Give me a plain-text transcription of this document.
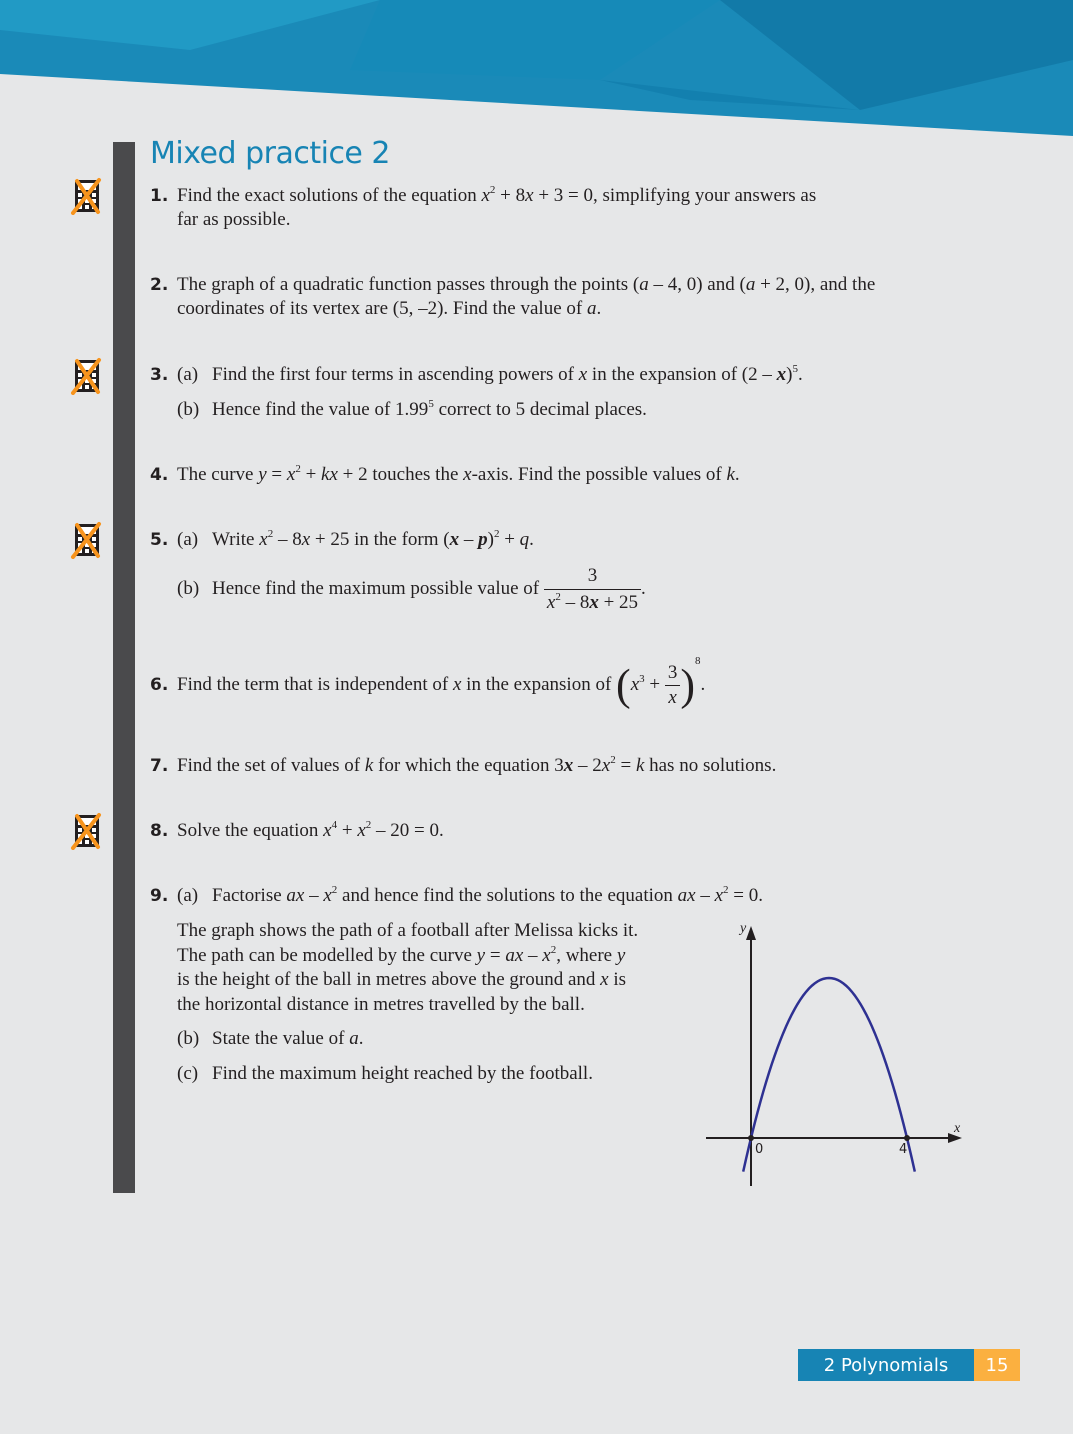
Mixed practice 2
1. Find the exact solutions of the equation $x^2 + 8x + 3 = 0$, simplifying your answers as
far as possible.
2. The graph of a quadratic function passes through the points (a – 4, 0) and (a + 2, 0), and the
coordinates of its vertex are (5, –2). Find the value of a.
3. (a) Find the first four terms in ascending powers of x in the expansion of (2 – x)$^5$.
(b) Hence find the value of 1.99$^5$ correct to 5 decimal places.
4. The curve $y = x^2$ + kx + 2 touches the x-axis. Find the possible values of k.
5. (a) Write $x^2 - 8x + 25$ in the form (x – p)$^2$ + q.
(b) Hence find the maximum possible value of $\frac{3}{x^2 - 8x + 25}$ .
6. Find the term that is independent of x in the expansion of $(x^3 + \frac{3}{x} )^8$.
7. Find the set of values of k for which the equation $3x - 2x^2 = k$ has no solutions.
8. Solve the equation $x^4 + x^2 - 20 = 0$.
9. (a) Factorise ax – $x^2$ and hence find the solutions to the equation ax – $x^2 = 0$.
The graph shows the path of a football after Melissa kicks it.
The path can be modelled by the curve y = ax – $x^2$, where y
is the height of the ball in metres above the ground and x is
the horizontal distance in metres travelled by the ball.
(b) State the value of a.
(c) Find the maximum height reached by the football.
x
y
0	4
2 Polynomials	15
